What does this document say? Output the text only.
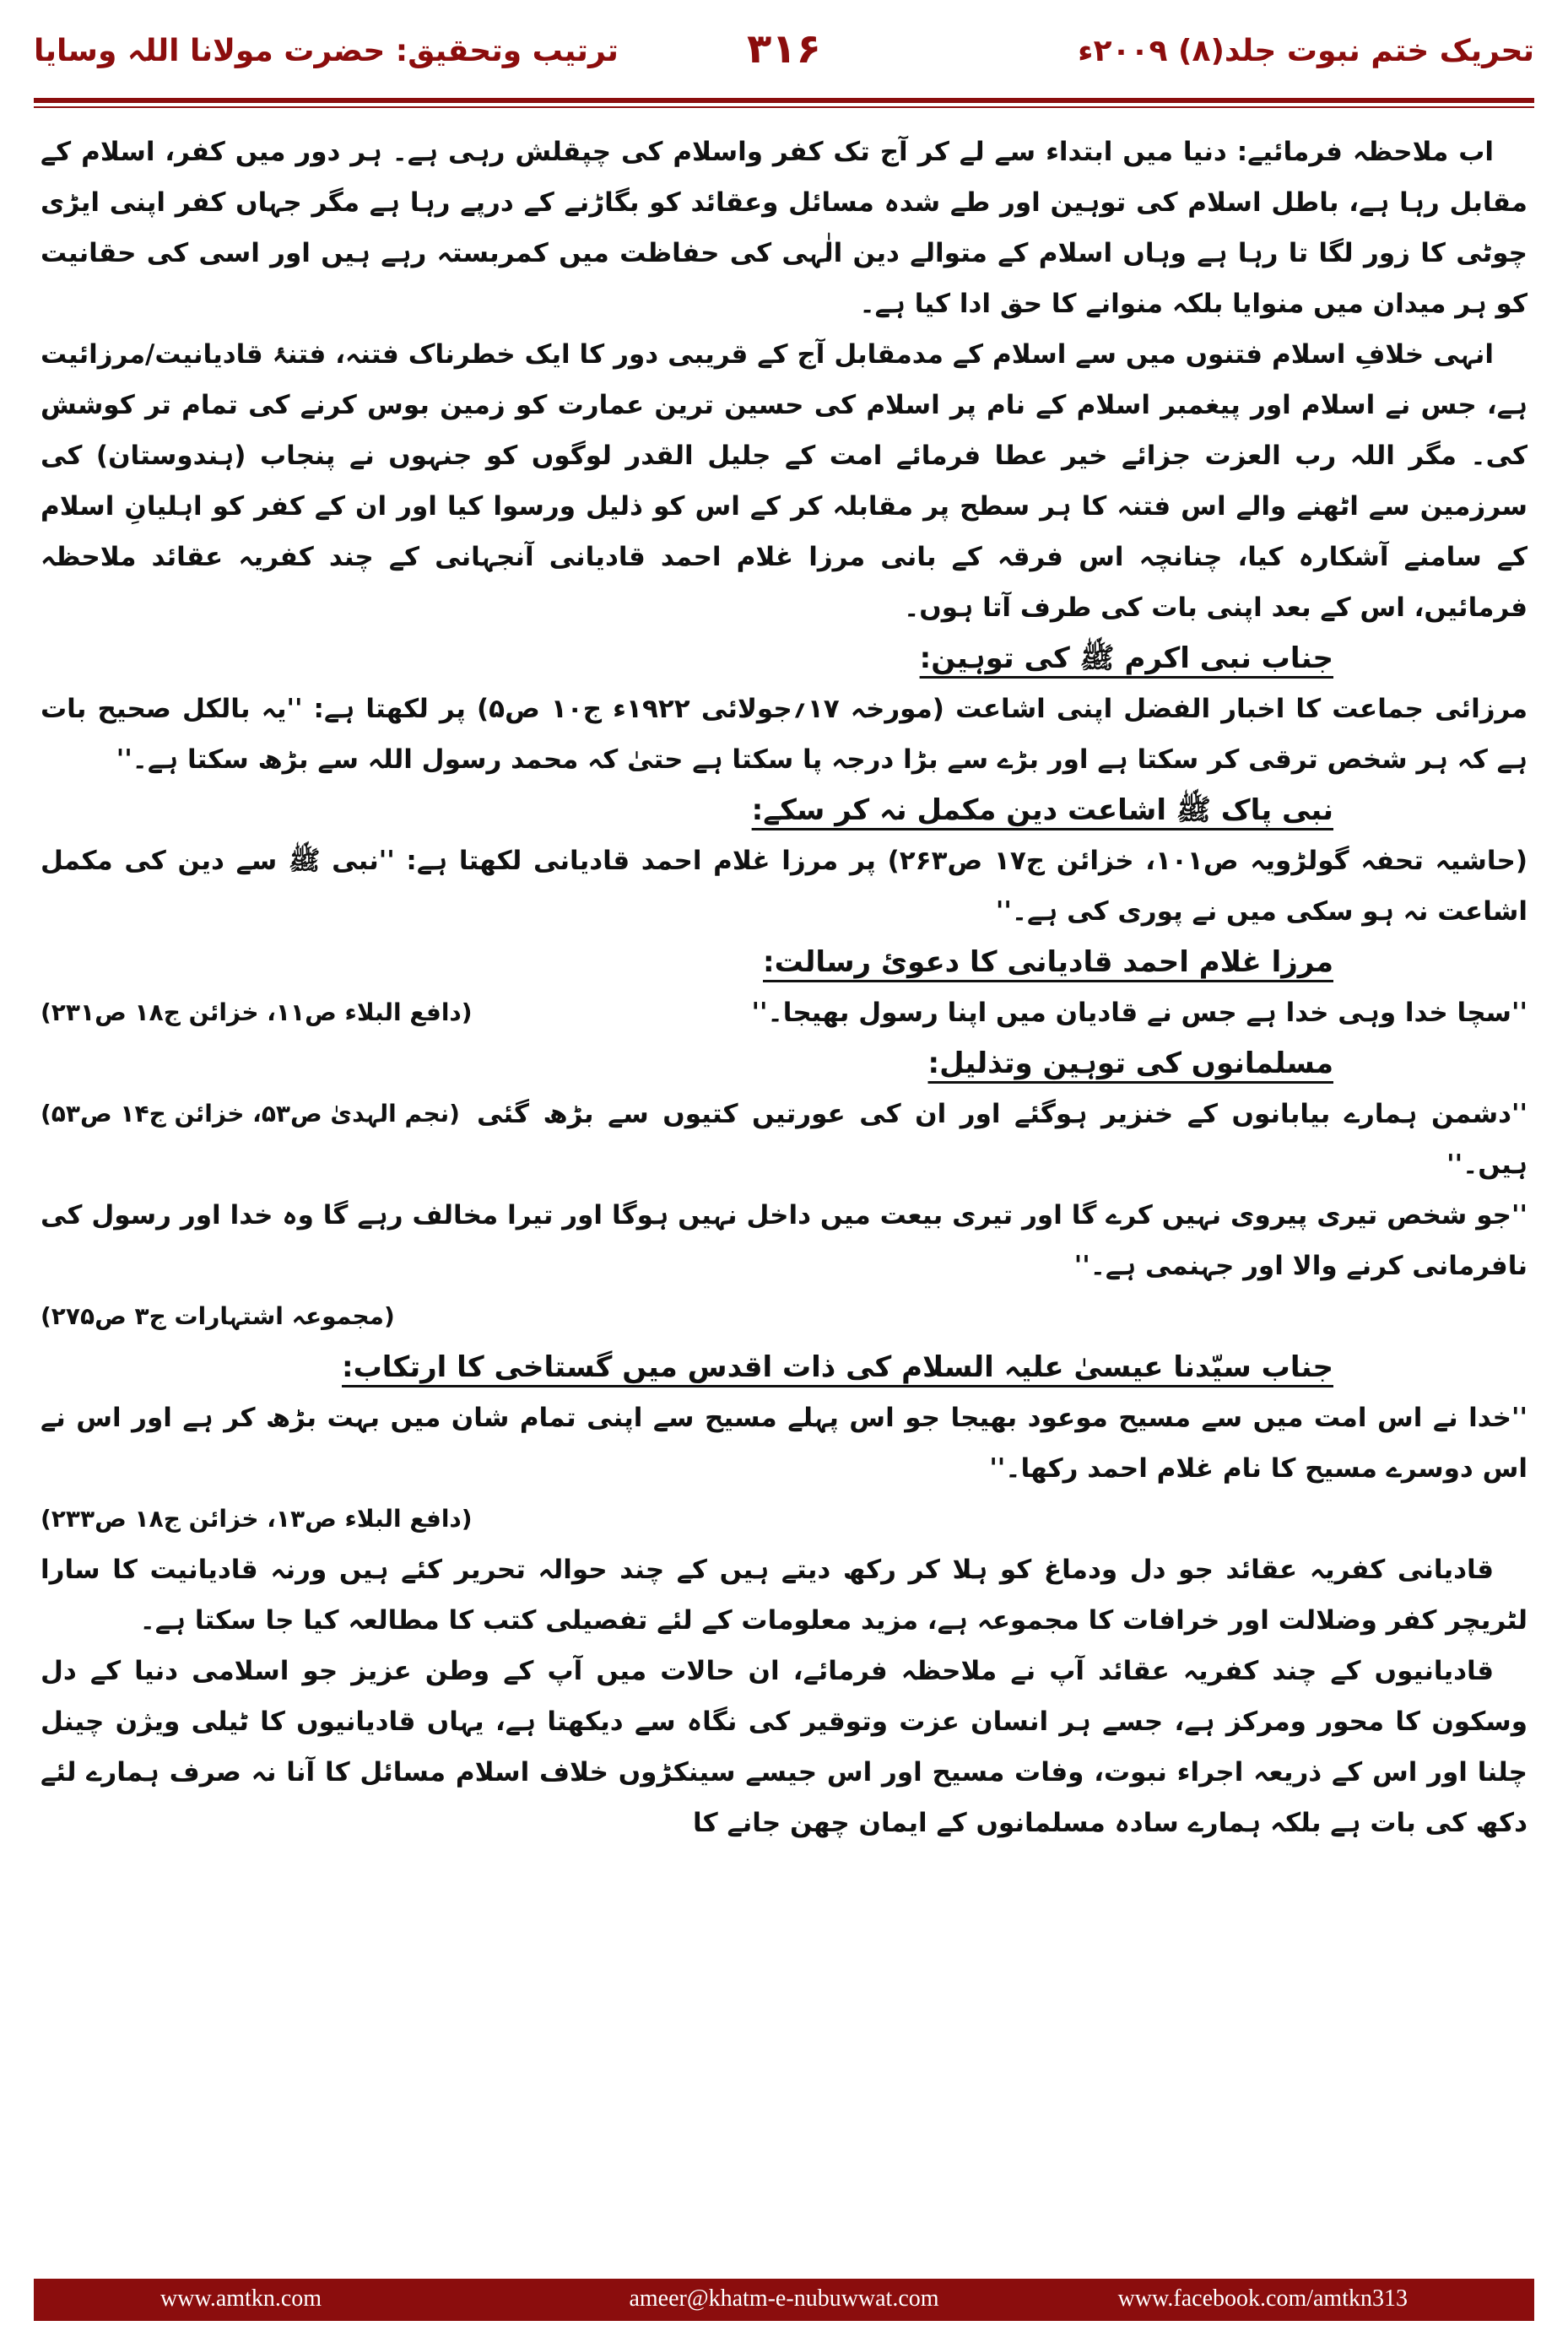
ترتیب وتحقیق: حضرت مولانا اللہ وسایا	۳۱۶	تحریک ختم نبوت جلد(۸) ۲۰۰۹ء

اب ملاحظہ فرمائیے: دنیا میں ابتداء سے لے کر آج تک کفر واسلام کی چپقلش رہی ہے۔ ہر دور میں کفر، اسلام کے مقابل رہا ہے، باطل اسلام کی توہین اور طے شدہ مسائل وعقائد کو بگاڑنے کے درپے رہا ہے مگر جہاں کفر اپنی ایڑی چوٹی کا زور لگا تا رہا ہے وہاں اسلام کے متوالے دین الٰہی کی حفاظت میں کمربستہ رہے ہیں اور اسی کی حقانیت کو ہر میدان میں منوایا بلکہ منوانے کا حق ادا کیا ہے۔

انہی خلافِ اسلام فتنوں میں سے اسلام کے مدمقابل آج کے قریبی دور کا ایک خطرناک فتنہ، فتنۂ قادیانیت/مرزائیت ہے، جس نے اسلام اور پیغمبر اسلام کے نام پر اسلام کی حسین ترین عمارت کو زمین بوس کرنے کی تمام تر کوشش کی۔ مگر اللہ رب العزت جزائے خیر عطا فرمائے امت کے جلیل القدر لوگوں کو جنہوں نے پنجاب (ہندوستان) کی سرزمین سے اٹھنے والے اس فتنہ کا ہر سطح پر مقابلہ کر کے اس کو ذلیل ورسوا کیا اور ان کے کفر کو اہلیانِ اسلام کے سامنے آشکارہ کیا، چنانچہ اس فرقہ کے بانی مرزا غلام احمد قادیانی آنجہانی کے چند کفریہ عقائد ملاحظہ فرمائیں، اس کے بعد اپنی بات کی طرف آتا ہوں۔

جناب نبی اکرم ﷺ کی توہین:

مرزائی جماعت کا اخبار الفضل اپنی اشاعت (مورخہ ۱۷؍جولائی ۱۹۲۲ء ج۱۰ ص۵) پر لکھتا ہے: ''یہ بالکل صحیح بات ہے کہ ہر شخص ترقی کر سکتا ہے اور بڑے سے بڑا درجہ پا سکتا ہے حتیٰ کہ محمد رسول اللہ سے بڑھ سکتا ہے۔''

نبی پاک ﷺ اشاعت دین مکمل نہ کر سکے:

(حاشیہ تحفہ گولڑویہ ص۱۰۱، خزائن ج۱۷ ص۲۶۳) پر مرزا غلام احمد قادیانی لکھتا ہے: ''نبی ﷺ سے دین کی مکمل اشاعت نہ ہو سکی میں نے پوری کی ہے۔''

مرزا غلام احمد قادیانی کا دعوئ رسالت:

''سچا خدا وہی خدا ہے جس نے قادیان میں اپنا رسول بھیجا۔''
(دافع البلاء ص۱۱، خزائن ج۱۸ ص۲۳۱)

مسلمانوں کی توہین وتذلیل:

''دشمن ہمارے بیابانوں کے خنزیر ہوگئے اور ان کی عورتیں کتیوں سے بڑھ گئی ہیں۔''
(نجم الہدیٰ ص۵۳، خزائن ج۱۴ ص۵۳)

''جو شخص تیری پیروی نہیں کرے گا اور تیری بیعت میں داخل نہیں ہوگا اور تیرا مخالف رہے گا وہ خدا اور رسول کی نافرمانی کرنے والا اور جہنمی ہے۔''

(مجموعہ اشتہارات ج۳ ص۲۷۵)

جناب سیّدنا عیسیٰ علیہ السلام کی ذات اقدس میں گستاخی کا ارتکاب:

''خدا نے اس امت میں سے مسیح موعود بھیجا جو اس پہلے مسیح سے اپنی تمام شان میں بہت بڑھ کر ہے اور اس نے اس دوسرے مسیح کا نام غلام احمد رکھا۔''

(دافع البلاء ص۱۳، خزائن ج۱۸ ص۲۳۳)

قادیانی کفریہ عقائد جو دل ودماغ کو ہلا کر رکھ دیتے ہیں کے چند حوالہ تحریر کئے ہیں ورنہ قادیانیت کا سارا لٹریچر کفر وضلالت اور خرافات کا مجموعہ ہے، مزید معلومات کے لئے تفصیلی کتب کا مطالعہ کیا جا سکتا ہے۔

قادیانیوں کے چند کفریہ عقائد آپ نے ملاحظہ فرمائے، ان حالات میں آپ کے وطن عزیز جو اسلامی دنیا کے دل وسکون کا محور ومرکز ہے، جسے ہر انسان عزت وتوقیر کی نگاہ سے دیکھتا ہے، یہاں قادیانیوں کا ٹیلی ویژن چینل چلنا اور اس کے ذریعہ اجراء نبوت، وفات مسیح اور اس جیسے سینکڑوں خلاف اسلام مسائل کا آنا نہ صرف ہمارے لئے دکھ کی بات ہے بلکہ ہمارے سادہ مسلمانوں کے ایمان چھن جانے کا

www.amtkn.com	ameer@khatm-e-nubuwwat.com	www.facebook.com/amtkn313
